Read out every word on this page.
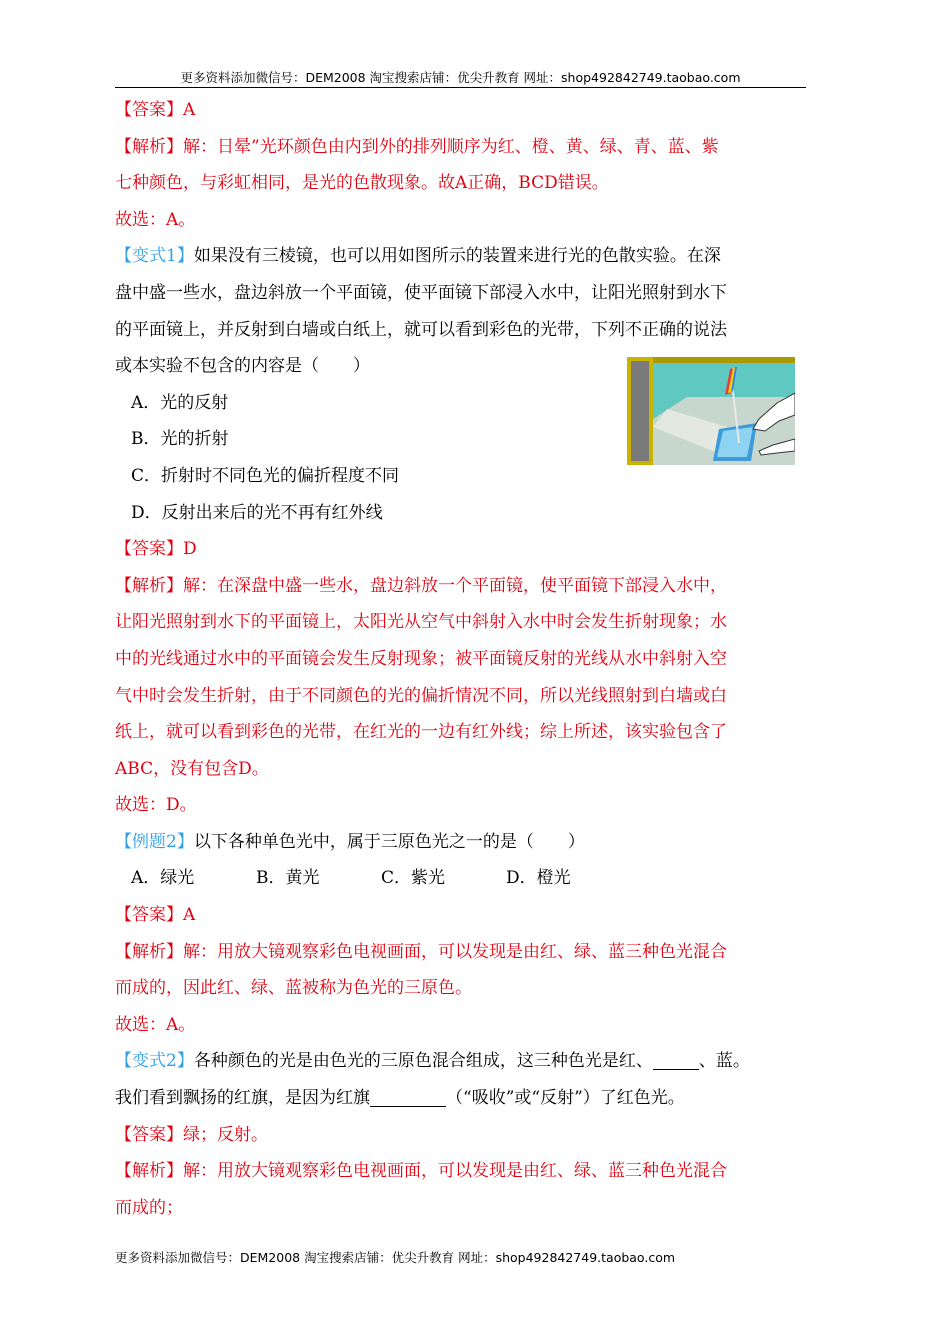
更多资料添加微信号：DEM2008 淘宝搜索店铺：优尖升教育 网址：shop492842749.taobao.com
【答案】A
【解析】解：日晕”光环颜色由内到外的排列顺序为红、橙、黄、绿、青、蓝、紫
七种颜色，与彩虹相同，是光的色散现象。故A正确，BCD错误。
故选：A。
【变式1】如果没有三棱镜，也可以用如图所示的装置来进行光的色散实验。在深
盘中盛一些水，盘边斜放一个平面镜，使平面镜下部浸入水中，让阳光照射到水下
的平面镜上，并反射到白墙或白纸上，就可以看到彩色的光带，下列不正确的说法
或本实验不包含的内容是（　　）
A．光的反射
B．光的折射
C．折射时不同色光的偏折程度不同
D．反射出来后的光不再有红外线
【答案】D
【解析】解：在深盘中盛一些水，盘边斜放一个平面镜，使平面镜下部浸入水中，
让阳光照射到水下的平面镜上，太阳光从空气中斜射入水中时会发生折射现象；水
中的光线通过水中的平面镜会发生反射现象；被平面镜反射的光线从水中斜射入空
气中时会发生折射，由于不同颜色的光的偏折情况不同，所以光线照射到白墙或白
纸上，就可以看到彩色的光带，在红光的一边有红外线；综上所述，该实验包含了
ABC，没有包含D。
故选：D。
【例题2】以下各种单色光中，属于三原色光之一的是（　　）
A．绿光	B．黄光	C．紫光	D．橙光
【答案】A
【解析】解：用放大镜观察彩色电视画面，可以发现是由红、绿、蓝三种色光混合
而成的，因此红、绿、蓝被称为色光的三原色。
故选：A。
【变式2】各种颜色的光是由色光的三原色混合组成，这三种色光是红、	、蓝。
我们看到飘扬的红旗，是因为红旗	（“吸收”或“反射”）了红色光。
【答案】绿；反射。
【解析】解：用放大镜观察彩色电视画面，可以发现是由红、绿、蓝三种色光混合
而成的；
更多资料添加微信号：DEM2008 淘宝搜索店铺：优尖升教育 网址：shop492842749.taobao.com
